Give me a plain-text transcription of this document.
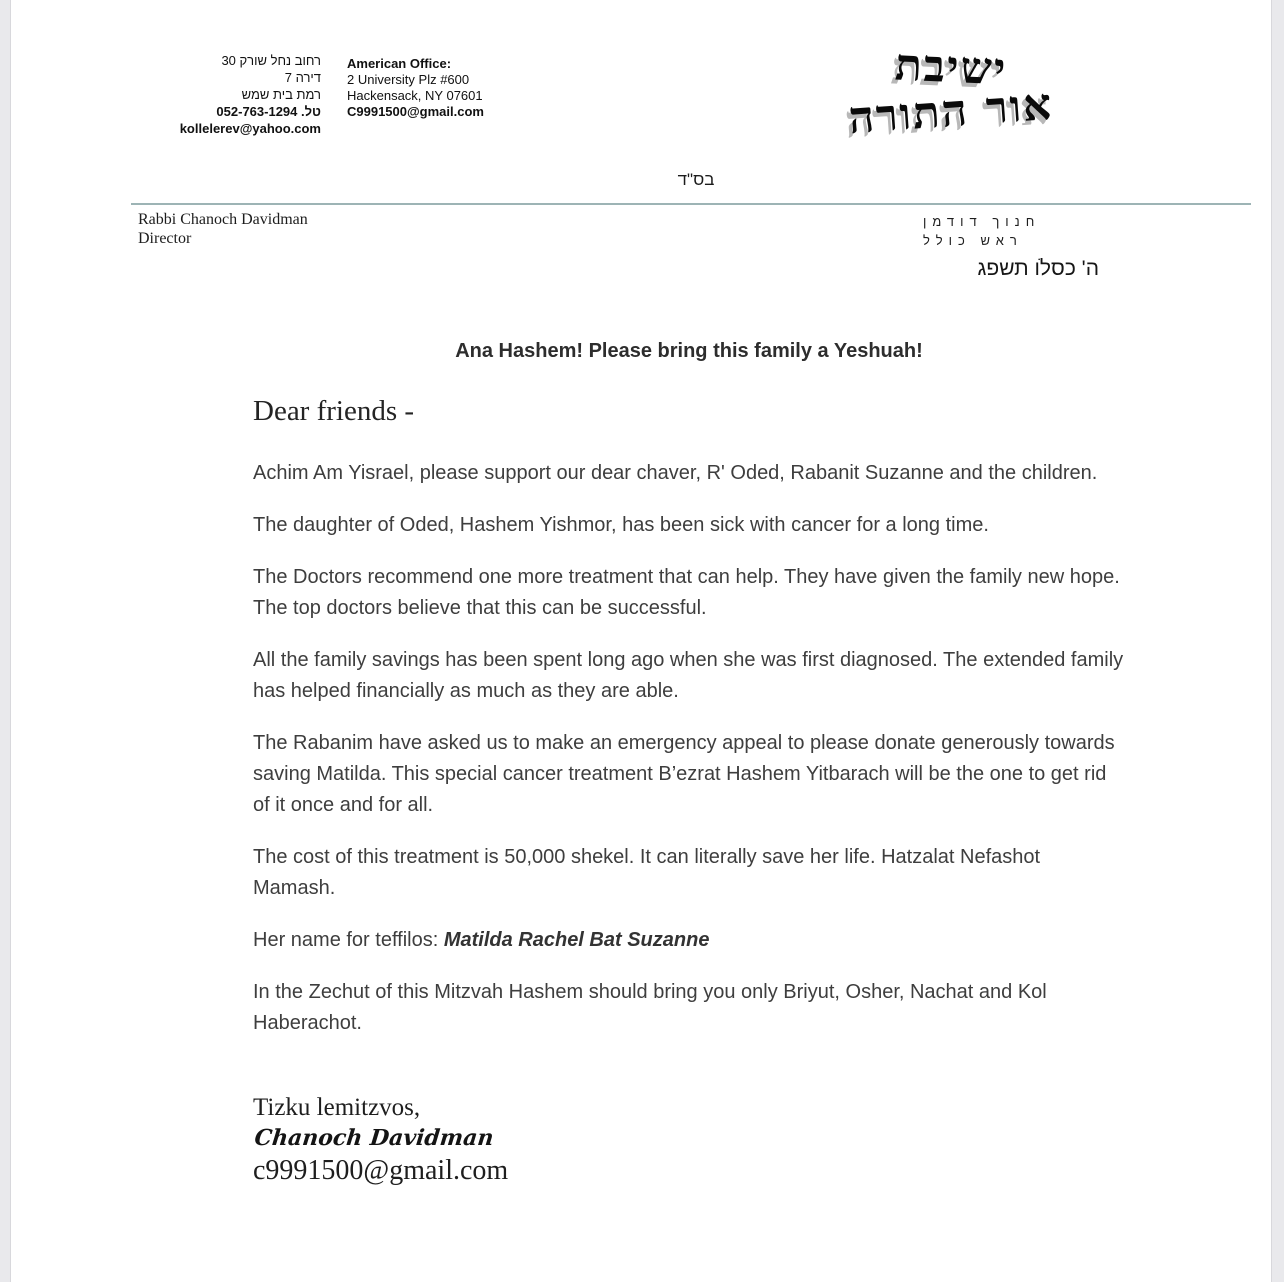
רחוב נחל שורק 30
דירה 7
רמת בית שמש
טל. 052-763-1294
kollelerev@yahoo.com
American Office:
2 University Plz #600
Hackensack, NY 07601
C9991500@gmail.com
ישיבת
אור התורה
בס"ד
Rabbi Chanoch Davidman
Director
חנוך דודמן
ראש כולל
ה' כסלֹו תשפג
Ana Hashem! Please bring this family a Yeshuah!
Dear friends -

Achim Am Yisrael, please support our dear chaver, R' Oded, Rabanit Suzanne and the children.

The daughter of Oded, Hashem Yishmor, has been sick with cancer for a long time.

The Doctors recommend one more treatment that can help. They have given the family new hope. The top doctors believe that this can be successful.

All the family savings has been spent long ago when she was first diagnosed. The extended family has helped financially as much as they are able.

The Rabanim have asked us to make an emergency appeal to please donate generously towards saving Matilda. This special cancer treatment B’ezrat Hashem Yitbarach will be the one to get rid of it once and for all.

The cost of this treatment is 50,000 shekel. It can literally save her life. Hatzalat Nefashot Mamash.

Her name for teffilos: Matilda Rachel Bat Suzanne

In the Zechut of this Mitzvah Hashem should bring you only Briyut, Osher, Nachat and Kol Haberachot.

Tizku lemitzvos,
Chanoch Davidman
c9991500@gmail.com
